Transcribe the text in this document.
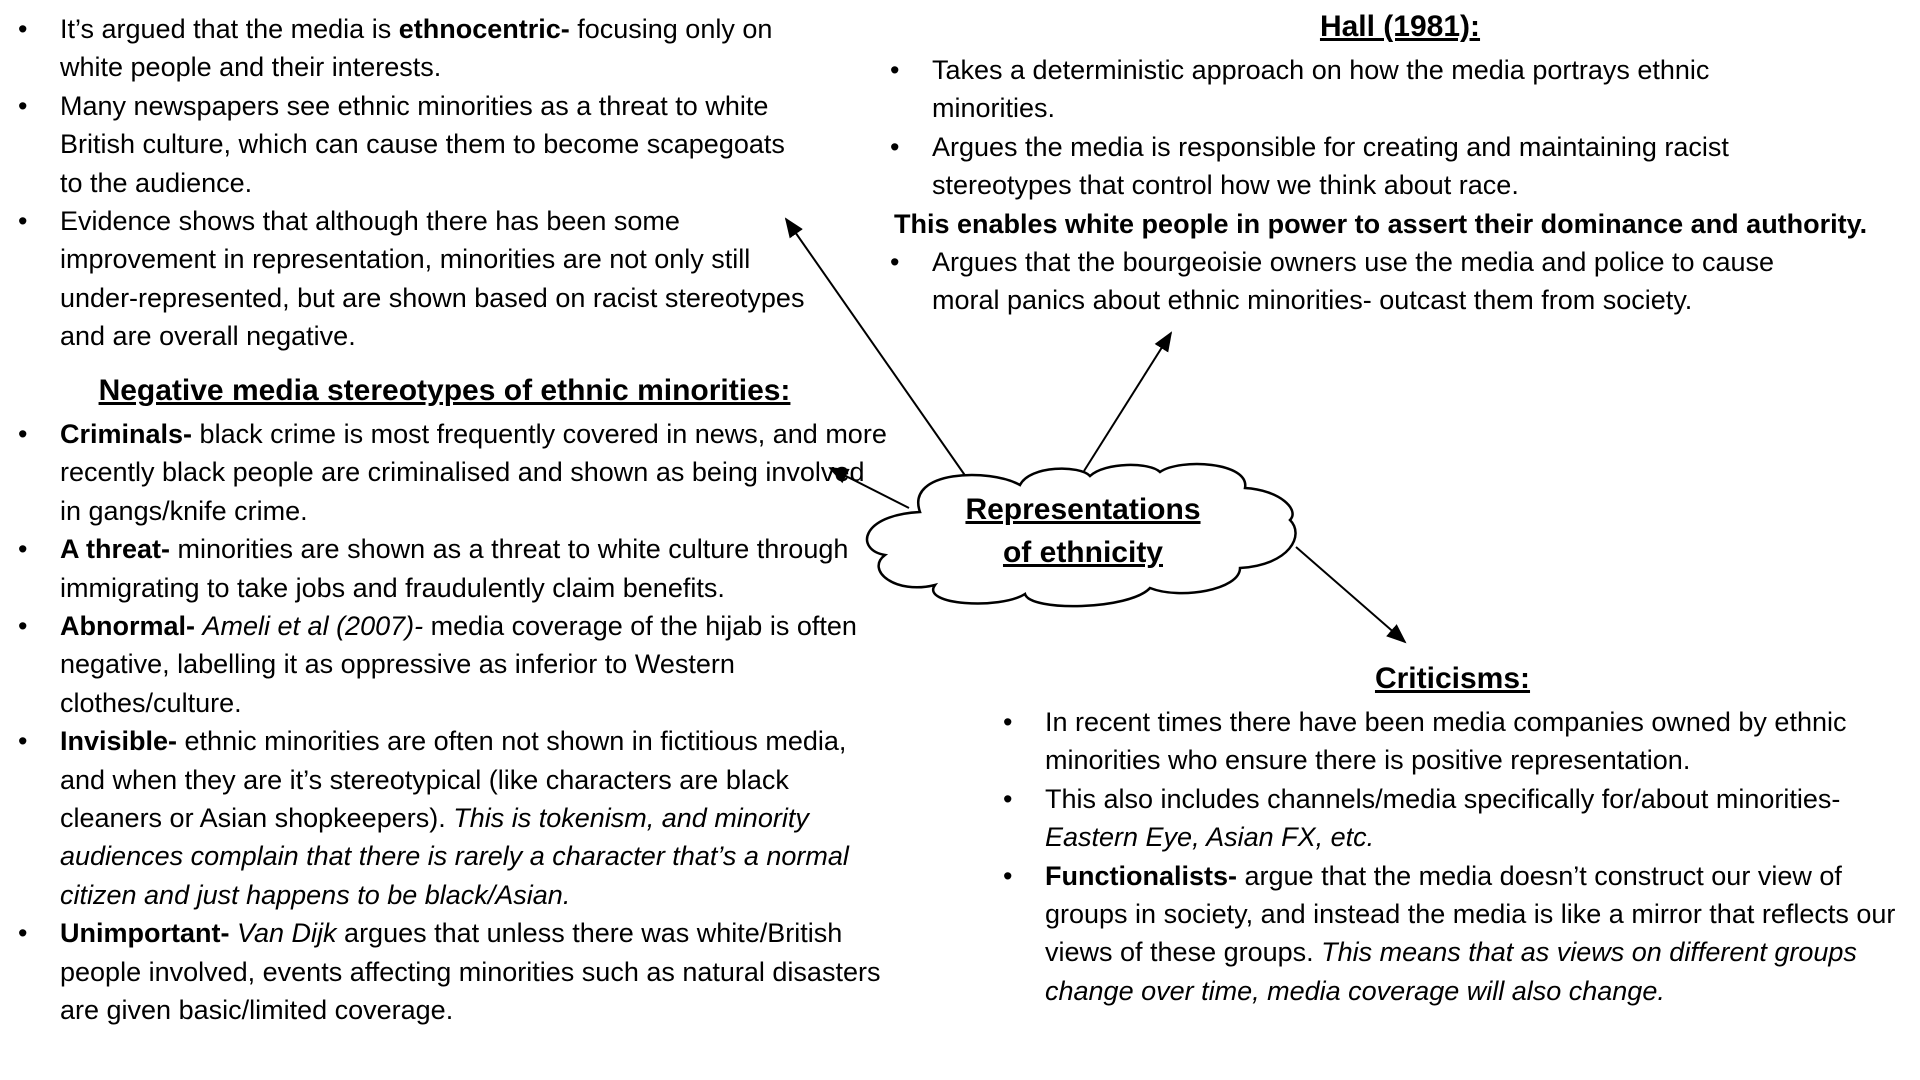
• It’s argued that the media is ethnocentric- focusing only on white people and their interests.
• Many newspapers see ethnic minorities as a threat to white British culture, which can cause them to become scapegoats to the audience.
• Evidence shows that although there has been some improvement in representation, minorities are not only still under-represented, but are shown based on racist stereotypes and are overall negative.
Negative media stereotypes of ethnic minorities:
• Criminals- black crime is most frequently covered in news, and more recently black people are criminalised and shown as being involved in gangs/knife crime.
• A threat- minorities are shown as a threat to white culture through immigrating to take jobs and fraudulently claim benefits.
• Abnormal- Ameli et al (2007)- media coverage of the hijab is often negative, labelling it as oppressive as inferior to Western clothes/culture.
• Invisible- ethnic minorities are often not shown in fictitious media, and when they are it’s stereotypical (like characters are black cleaners or Asian shopkeepers). This is tokenism, and minority audiences complain that there is rarely a character that’s a normal citizen and just happens to be black/Asian.
• Unimportant- Van Dijk argues that unless there was white/British people involved, events affecting minorities such as natural disasters are given basic/limited coverage.
Hall (1981):
• Takes a deterministic approach on how the media portrays ethnic minorities.
• Argues the media is responsible for creating and maintaining racist stereotypes that control how we think about race.
This enables white people in power to assert their dominance and authority.
• Argues that the bourgeoisie owners use the media and police to cause moral panics about ethnic minorities- outcast them from society.
Representations
of ethnicity
Criticisms:
• In recent times there have been media companies owned by ethnic minorities who ensure there is positive representation.
• This also includes channels/media specifically for/about minorities- Eastern Eye, Asian FX, etc.
• Functionalists- argue that the media doesn’t construct our view of groups in society, and instead the media is like a mirror that reflects our views of these groups. This means that as views on different groups change over time, media coverage will also change.
